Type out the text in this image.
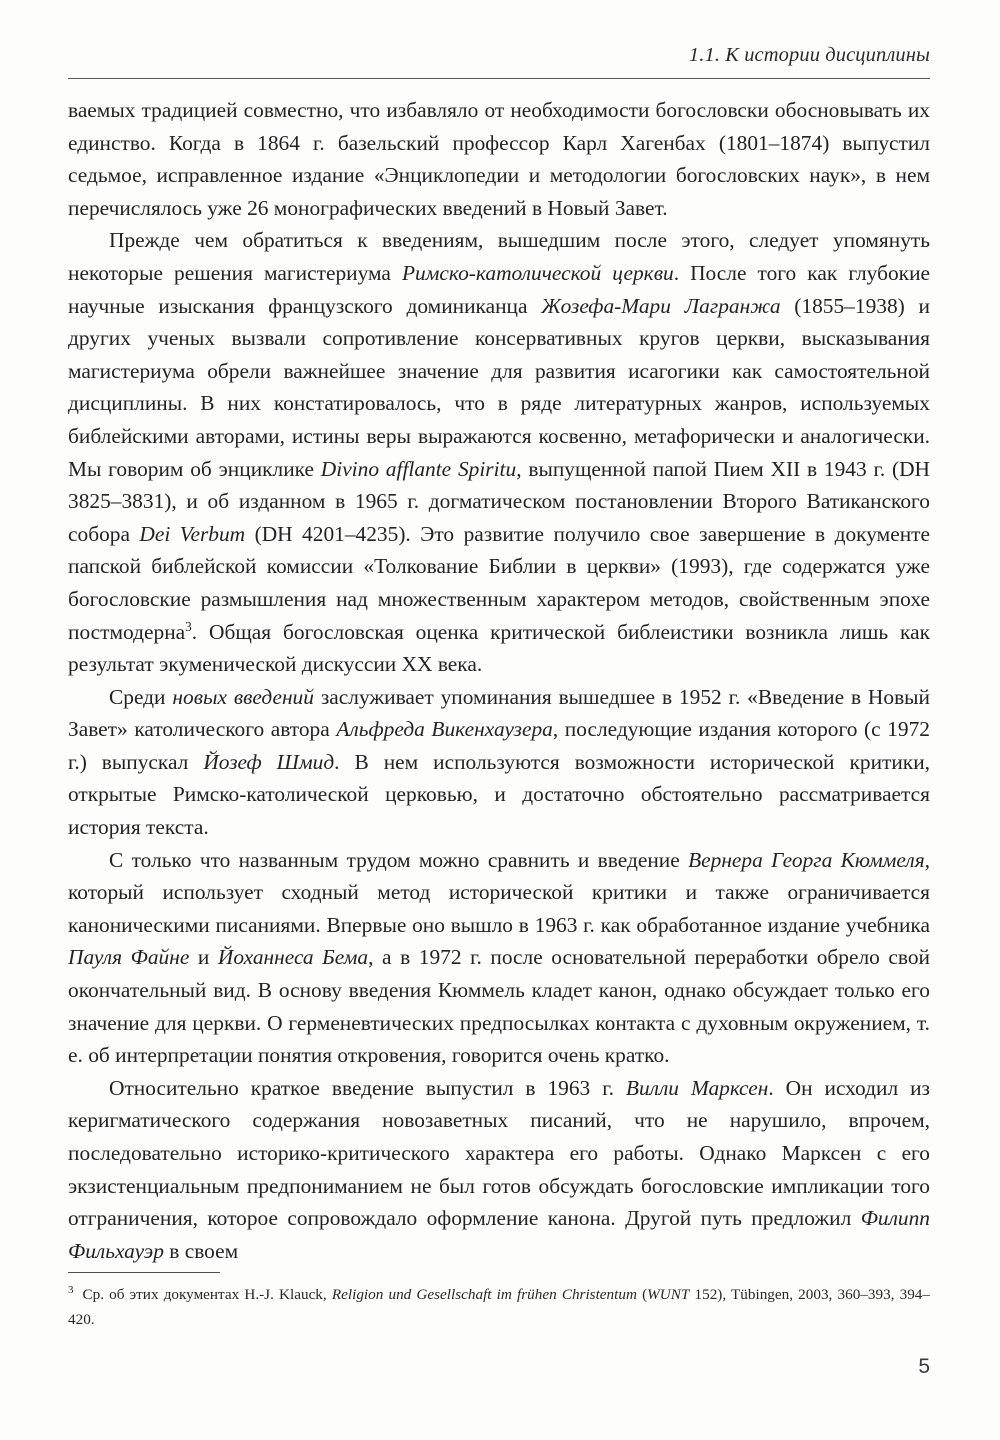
1.1. К истории дисциплины

ваемых традицией совместно, что избавляло от необходимости богословски обосновывать их единство. Когда в 1864 г. базельский профессор Карл Хагенбах (1801–1874) выпустил седьмое, исправленное издание «Энциклопедии и методологии богословских наук», в нем перечислялось уже 26 монографических введений в Новый Завет.

Прежде чем обратиться к введениям, вышедшим после этого, следует упомянуть некоторые решения магистериума Римско-католической церкви. После того как глубокие научные изыскания французского доминиканца Жозефа-Мари Лагранжа (1855–1938) и других ученых вызвали сопротивление консервативных кругов церкви, высказывания магистериума обрели важнейшее значение для развития исагогики как самостоятельной дисциплины. В них констатировалось, что в ряде литературных жанров, используемых библейскими авторами, истины веры выражаются косвенно, метафорически и аналогически. Мы говорим об энциклике Divino afflante Spiritu, выпущенной папой Пием XII в 1943 г. (DH 3825–3831), и об изданном в 1965 г. догматическом постановлении Второго Ватиканского собора Dei Verbum (DH 4201–4235). Это развитие получило свое завершение в документе папской библейской комиссии «Толкование Библии в церкви» (1993), где содержатся уже богословские размышления над множественным характером методов, свойственным эпохе постмодерна$^3$. Общая богословская оценка критической библеистики возникла лишь как результат экуменической дискуссии XX века.

Среди новых введений заслуживает упоминания вышедшее в 1952 г. «Введение в Новый Завет» католического автора Альфреда Викенхаузера, последующие издания которого (с 1972 г.) выпускал Йозеф Шмид. В нем используются возможности исторической критики, открытые Римско-католической церковью, и достаточно обстоятельно рассматривается история текста.

С только что названным трудом можно сравнить и введение Вернера Георга Кюммеля, который использует сходный метод исторической критики и также ограничивается каноническими писаниями. Впервые оно вышло в 1963 г. как обработанное издание учебника Пауля Файне и Йоханнеса Бема, а в 1972 г. после основательной переработки обрело свой окончательный вид. В основу введения Кюммель кладет канон, однако обсуждает только его значение для церкви. О герменевтических предпосылках контакта с духовным окружением, т. е. об интерпретации понятия откровения, говорится очень кратко.

Относительно краткое введение выпустил в 1963 г. Вилли Марксен. Он исходил из керигматического содержания новозаветных писаний, что не нарушило, впрочем, последовательно историко-критического характера его работы. Однако Марксен с его экзистенциальным предпониманием не был готов обсуждать богословские импликации того отграничения, которое сопровождало оформление канона. Другой путь предложил Филипп Фильхауэр в своем

$^3$ Ср. об этих документах H.-J. Klauck, Religion und Gesellschaft im frühen Christentum (WUNT 152), Tübingen, 2003, 360–393, 394–420.
5
